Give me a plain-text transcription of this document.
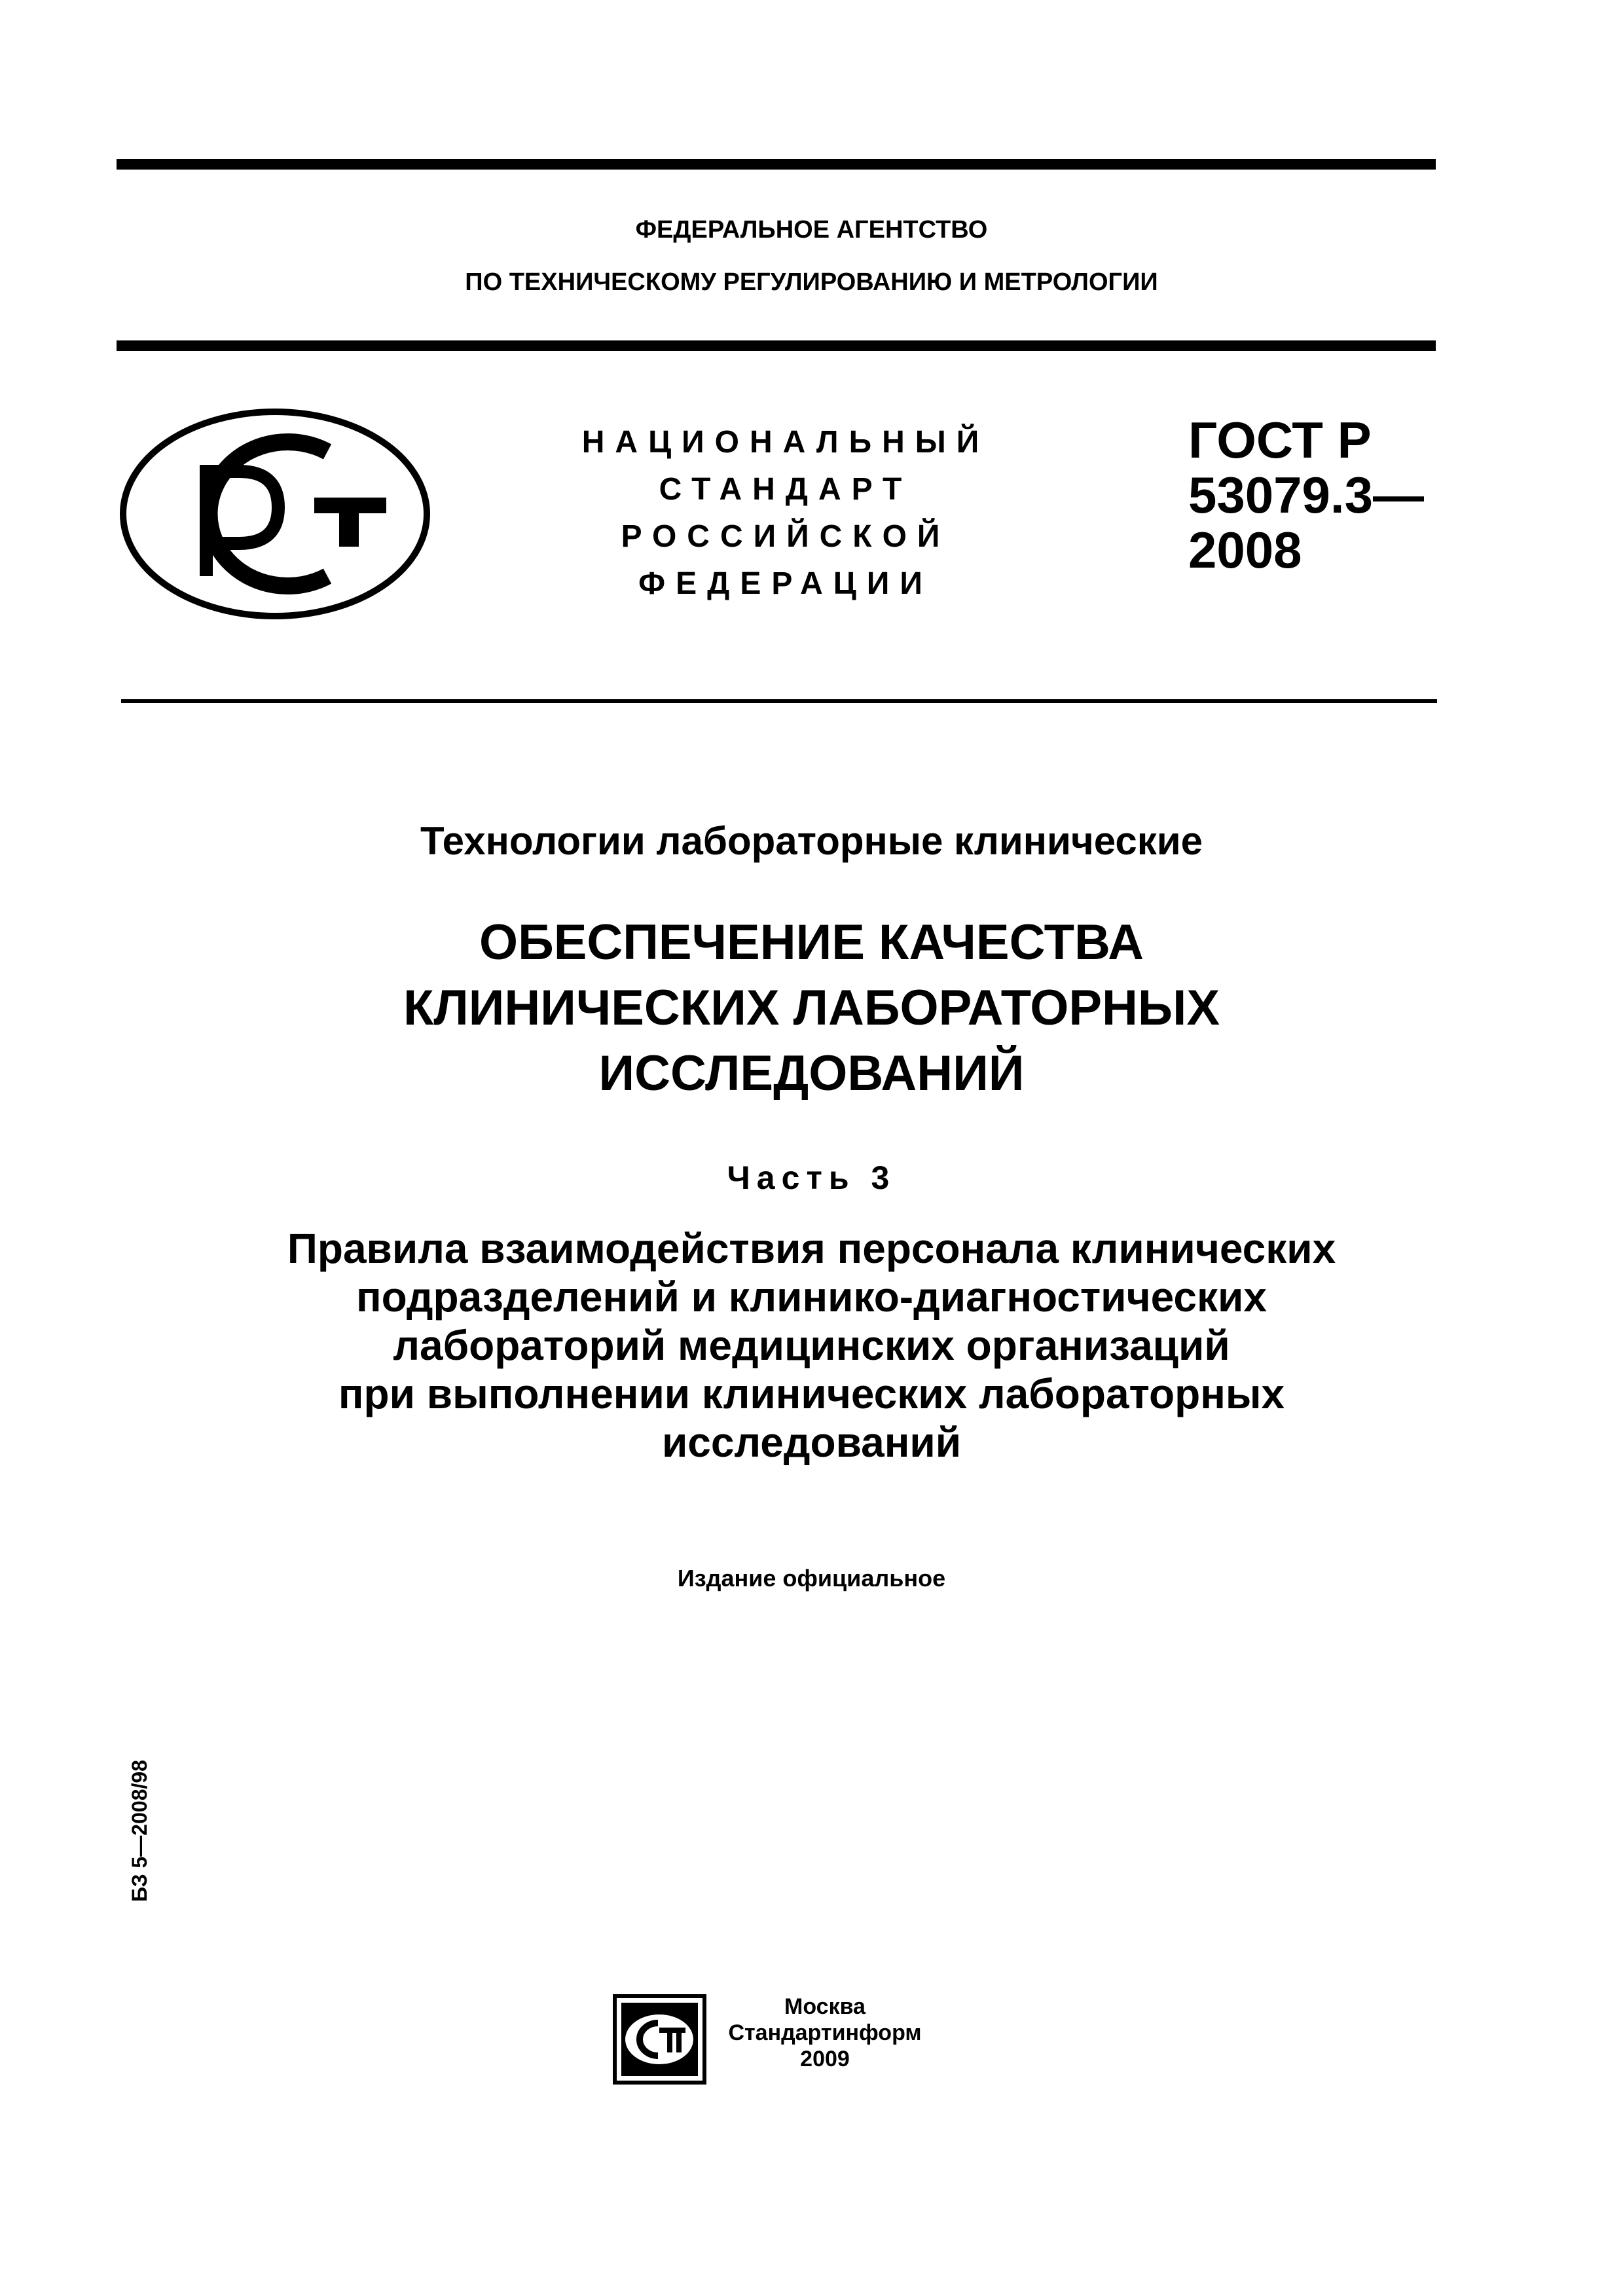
ФЕДЕРАЛЬНОЕ АГЕНТСТВО
ПО ТЕХНИЧЕСКОМУ РЕГУЛИРОВАНИЮ И МЕТРОЛОГИИ
НАЦИОНАЛЬНЫЙ
СТАНДАРТ
РОССИЙСКОЙ
ФЕДЕРАЦИИ
ГОСТ Р
53079.3—
2008
Технологии лабораторные клинические
ОБЕСПЕЧЕНИЕ КАЧЕСТВА
КЛИНИЧЕСКИХ ЛАБОРАТОРНЫХ
ИССЛЕДОВАНИЙ
Часть 3
Правила взаимодействия персонала клинических
подразделений и клинико-диагностических
лабораторий медицинских организаций
при выполнении клинических лабораторных
исследований
Издание официальное
БЗ 5—2008/98
Москва
Стандартинформ
2009
